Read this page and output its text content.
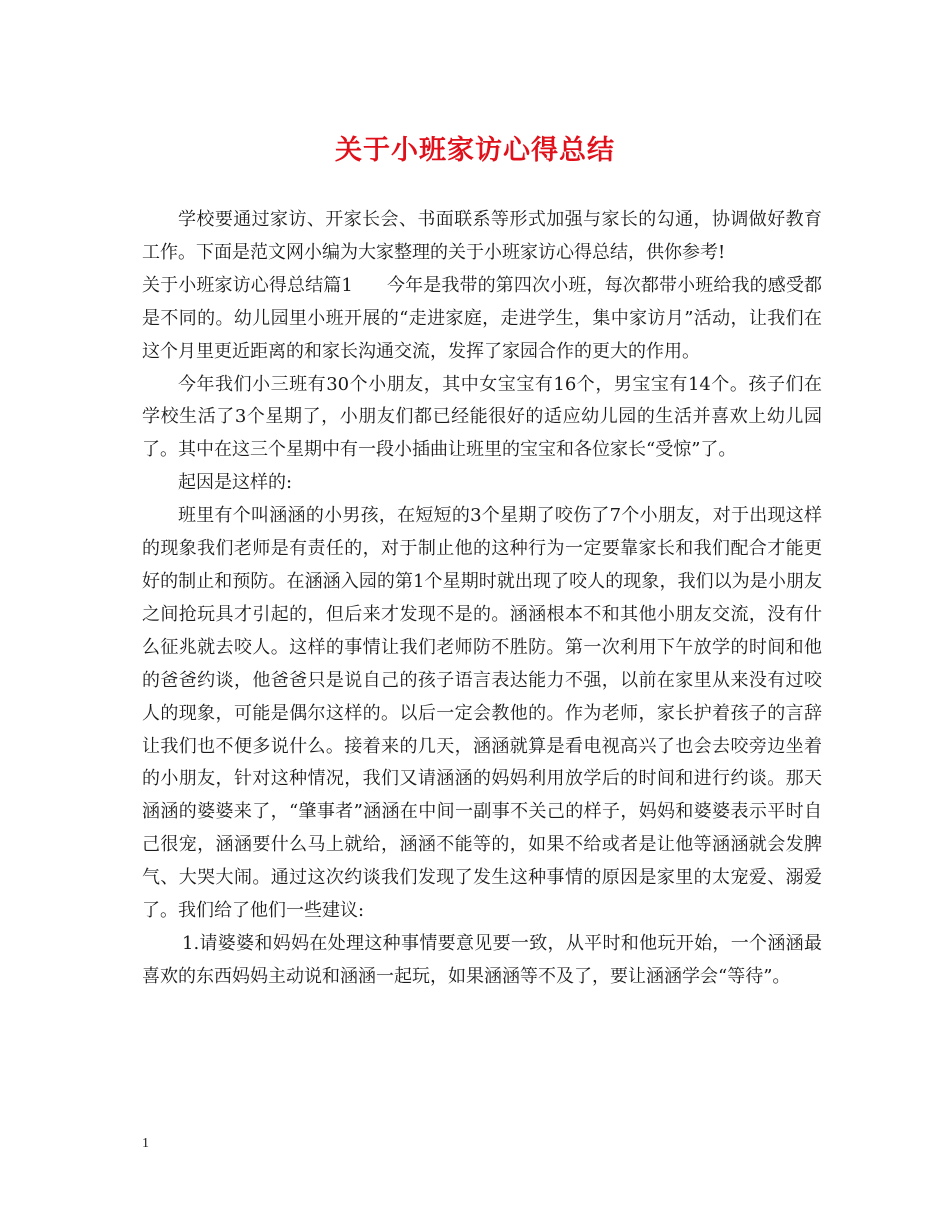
关于小班家访心得总结

学校要通过家访、开家长会、书面联系等形式加强与家长的勾通，协调做好教育工作。下面是范文网小编为大家整理的关于小班家访心得总结，供你参考!

关于小班家访心得总结篇1 今年是我带的第四次小班，每次都带小班给我的感受都是不同的。幼儿园里小班开展的“走进家庭，走进学生，集中家访月”活动，让我们在这个月里更近距离的和家长沟通交流，发挥了家园合作的更大的作用。

今年我们小三班有30个小朋友，其中女宝宝有16个，男宝宝有14个。孩子们在学校生活了3个星期了，小朋友们都已经能很好的适应幼儿园的生活并喜欢上幼儿园了。其中在这三个星期中有一段小插曲让班里的宝宝和各位家长“受惊”了。

起因是这样的:

班里有个叫涵涵的小男孩，在短短的3个星期了咬伤了7个小朋友，对于出现这样的现象我们老师是有责任的，对于制止他的这种行为一定要靠家长和我们配合才能更好的制止和预防。在涵涵入园的第1个星期时就出现了咬人的现象，我们以为是小朋友之间抢玩具才引起的，但后来才发现不是的。涵涵根本不和其他小朋友交流，没有什么征兆就去咬人。这样的事情让我们老师防不胜防。第一次利用下午放学的时间和他的爸爸约谈，他爸爸只是说自己的孩子语言表达能力不强，以前在家里从来没有过咬人的现象，可能是偶尔这样的。以后一定会教他的。作为老师，家长护着孩子的言辞让我们也不便多说什么。接着来的几天，涵涵就算是看电视高兴了也会去咬旁边坐着的小朋友，针对这种情况，我们又请涵涵的妈妈利用放学后的时间和进行约谈。那天涵涵的婆婆来了，“肇事者”涵涵在中间一副事不关己的样子，妈妈和婆婆表示平时自己很宠，涵涵要什么马上就给，涵涵不能等的，如果不给或者是让他等涵涵就会发脾气、大哭大闹。通过这次约谈我们发现了发生这种事情的原因是家里的太宠爱、溺爱了。我们给了他们一些建议:

1.请婆婆和妈妈在处理这种事情要意见要一致，从平时和他玩开始，一个涵涵最喜欢的东西妈妈主动说和涵涵一起玩，如果涵涵等不及了，要让涵涵学会“等待”。

1
